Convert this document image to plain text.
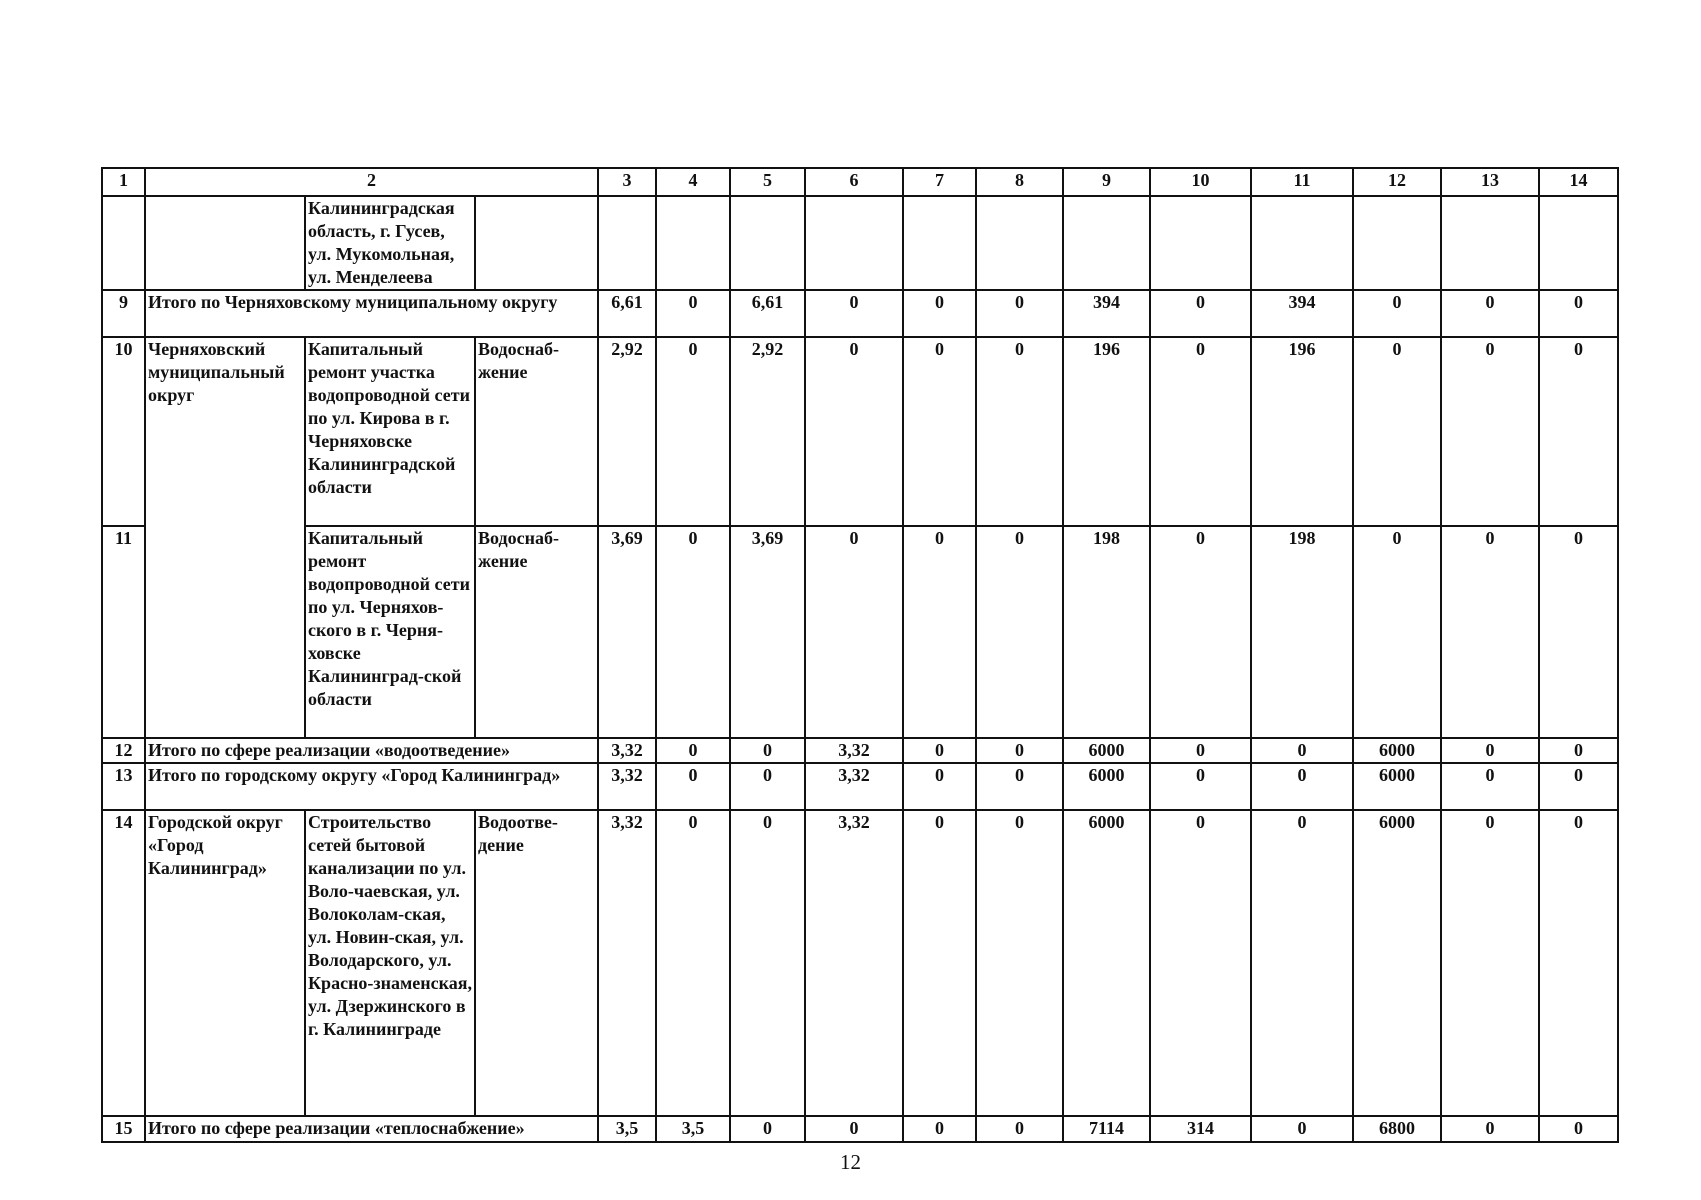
1	2			3	4	5	6	7	8	9	10	11	12	13	14
		Калининградская область, г. Гусев, ул. Мукомольная, ул. Менделеева													
9	Итого по Черняховскому муниципальному округу			6,61	0	6,61	0	0	0	394	0	394	0	0	0
10	Черняховский муниципальный округ	Капитальный ремонт участка водопроводной сети по ул. Кирова в г. Черняховске Калининградской области	Водоснаб-жение	2,92	0	2,92	0	0	0	196	0	196	0	0	0
11		Капитальный ремонт водопроводной сети по ул. Черняхов-ского в г. Черня-ховске Калининград-ской области	Водоснаб-жение	3,69	0	3,69	0	0	0	198	0	198	0	0	0
12	Итого по сфере реализации «водоотведение»			3,32	0	0	3,32	0	0	6000	0	0	6000	0	0
13	Итого по городскому округу «Город Калининград»			3,32	0	0	3,32	0	0	6000	0	0	6000	0	0
14	Городской округ «Город Калининград»	Строительство сетей бытовой канализации по ул. Воло-чаевская, ул. Волоколам-ская, ул. Новин-ская, ул. Володарского, ул. Красно-знаменская, ул. Дзержинского в г. Калининграде	Водоотве-дение	3,32	0	0	3,32	0	0	6000	0	0	6000	0	0
15	Итого по сфере реализации «теплоснабжение»			3,5	3,5	0	0	0	0	7114	314	0	6800	0	0
12
